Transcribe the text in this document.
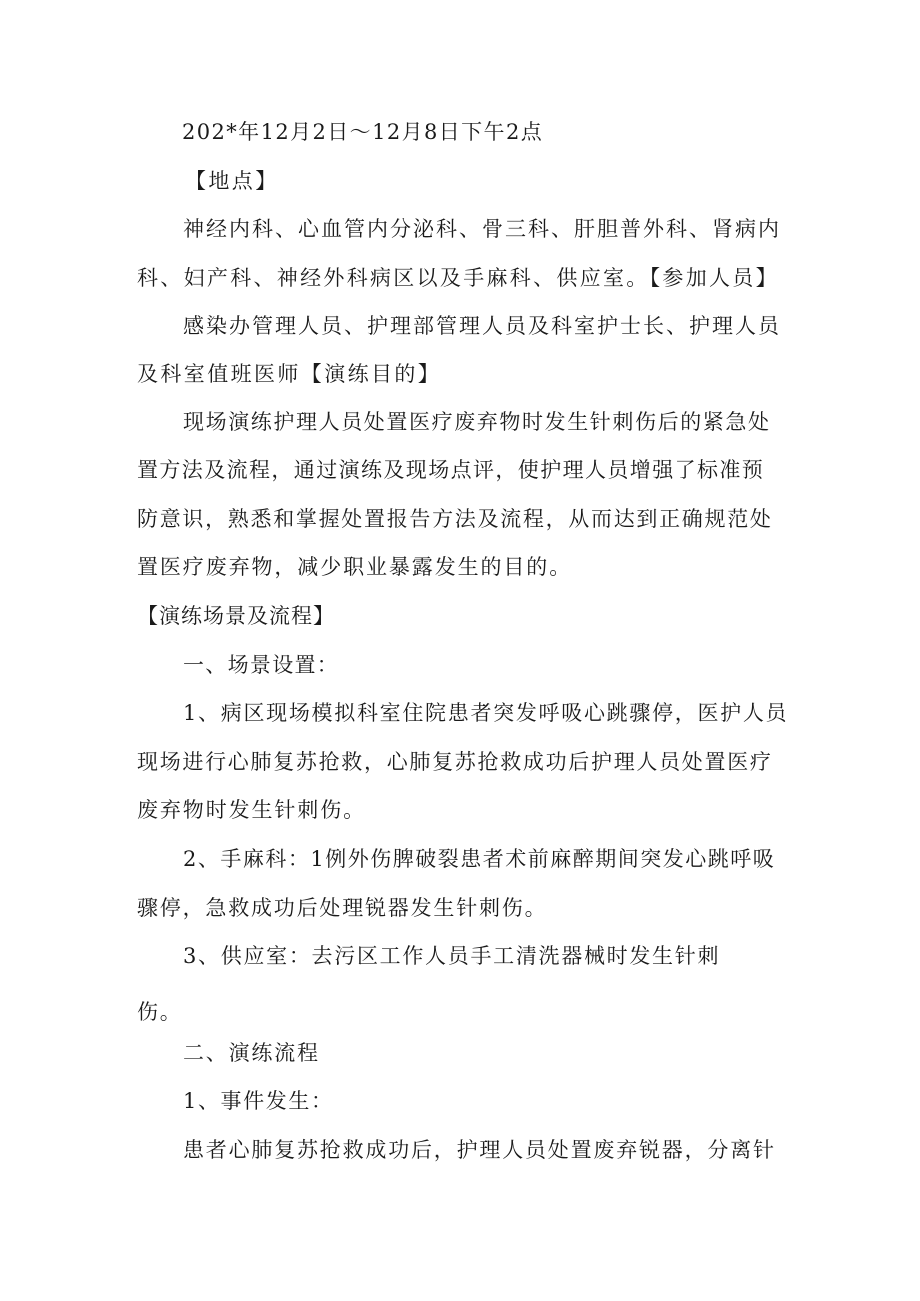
202*年12月2日～12月8日下午2点
【地点】
神经内科、心血管内分泌科、骨三科、肝胆普外科、肾病内
科、妇产科、神经外科病区以及手麻科、供应室。【参加人员】
感染办管理人员、护理部管理人员及科室护士长、护理人员
及科室值班医师【演练目的】
现场演练护理人员处置医疗废弃物时发生针刺伤后的紧急处
置方法及流程，通过演练及现场点评，使护理人员增强了标准预
防意识，熟悉和掌握处置报告方法及流程，从而达到正确规范处
置医疗废弃物，减少职业暴露发生的目的。
【演练场景及流程】
一、场景设置：
1、病区现场模拟科室住院患者突发呼吸心跳骤停，医护人员
现场进行心肺复苏抢救，心肺复苏抢救成功后护理人员处置医疗
废弃物时发生针刺伤。
2、手麻科：1例外伤脾破裂患者术前麻醉期间突发心跳呼吸
骤停，急救成功后处理锐器发生针刺伤。
3、供应室：去污区工作人员手工清洗器械时发生针刺
伤。
二、演练流程
1、事件发生：
患者心肺复苏抢救成功后，护理人员处置废弃锐器，分离针
